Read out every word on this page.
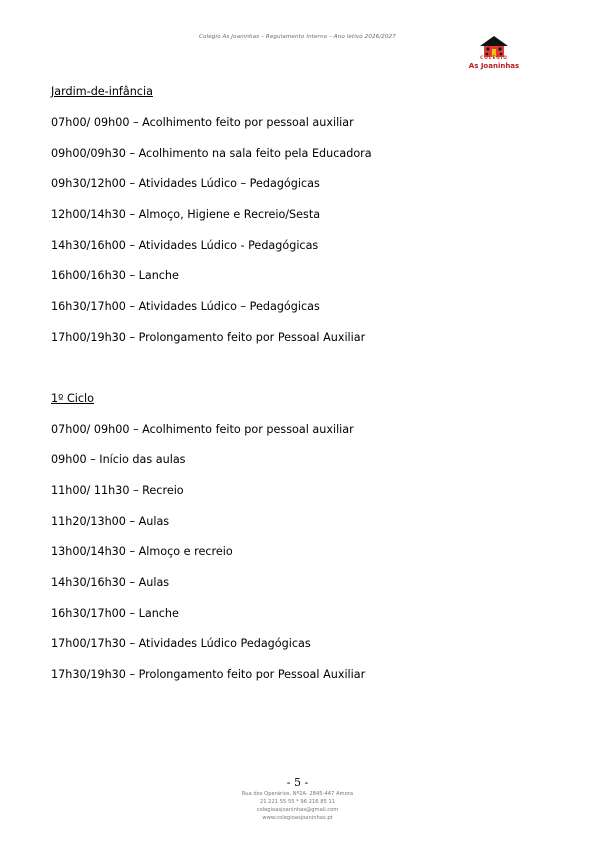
Colégio As Joaninhas – Regulamento Interno – Ano letivo 2026/2027
COLÉGIO
As Joaninhas
Jardim-de-infância
07h00/ 09h00 – Acolhimento feito por pessoal auxiliar
09h00/09h30 – Acolhimento na sala feito pela Educadora
09h30/12h00 – Atividades Lúdico – Pedagógicas
12h00/14h30 – Almoço, Higiene e Recreio/Sesta
14h30/16h00 – Atividades Lúdico - Pedagógicas
16h00/16h30 – Lanche
16h30/17h00 – Atividades Lúdico – Pedagógicas
17h00/19h30 – Prolongamento feito por Pessoal Auxiliar
1º Ciclo
07h00/ 09h00 – Acolhimento feito por pessoal auxiliar
09h00 – Início das aulas
11h00/ 11h30 – Recreio
11h20/13h00 – Aulas
13h00/14h30 – Almoço e recreio
14h30/16h30 – Aulas
16h30/17h00 – Lanche
17h00/17h30 – Atividades Lúdico Pedagógicas
17h30/19h30 – Prolongamento feito por Pessoal Auxiliar
- 5 -
Rua dos Operários, Nº2A- 2845-447 Amora
21 221 55 55 * 96 216 85 11
colegioasjoaninhas@gmail.com
www.colegioasjoaninhas.pt
